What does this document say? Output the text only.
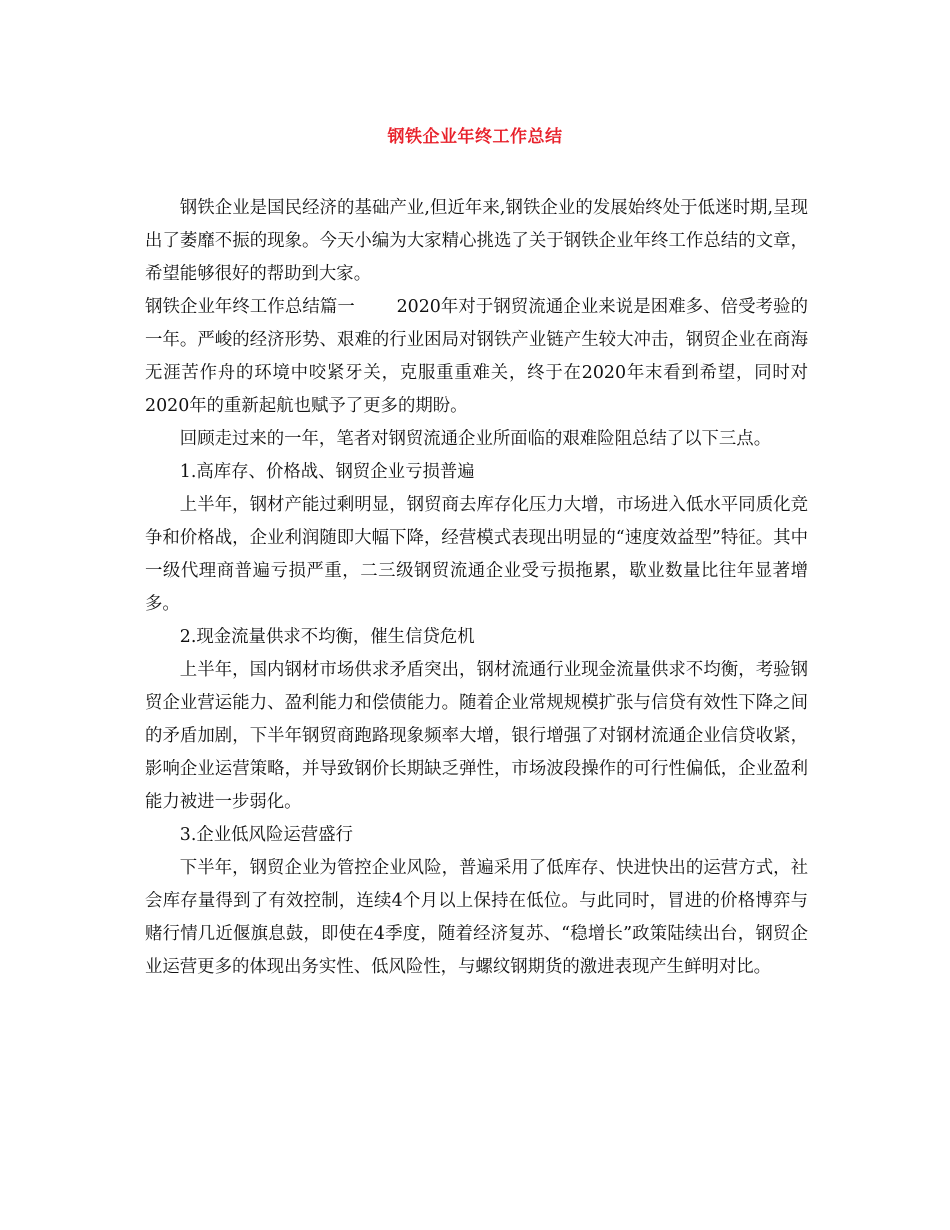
钢铁企业年终工作总结

钢铁企业是国民经济的基础产业,但近年来,钢铁企业的发展始终处于低迷时期,呈现出了萎靡不振的现象。今天小编为大家精心挑选了关于钢铁企业年终工作总结的文章，希望能够很好的帮助到大家。

钢铁企业年终工作总结篇一 2020年对于钢贸流通企业来说是困难多、倍受考验的一年。严峻的经济形势、艰难的行业困局对钢铁产业链产生较大冲击，钢贸企业在商海无涯苦作舟的环境中咬紧牙关，克服重重难关，终于在2020年末看到希望，同时对2020年的重新起航也赋予了更多的期盼。

回顾走过来的一年，笔者对钢贸流通企业所面临的艰难险阻总结了以下三点。

1.高库存、价格战、钢贸企业亏损普遍

上半年，钢材产能过剩明显，钢贸商去库存化压力大增，市场进入低水平同质化竞争和价格战，企业利润随即大幅下降，经营模式表现出明显的“速度效益型”特征。其中一级代理商普遍亏损严重，二三级钢贸流通企业受亏损拖累，歇业数量比往年显著增多。

2.现金流量供求不均衡，催生信贷危机

上半年，国内钢材市场供求矛盾突出，钢材流通行业现金流量供求不均衡，考验钢贸企业营运能力、盈利能力和偿债能力。随着企业常规规模扩张与信贷有效性下降之间的矛盾加剧，下半年钢贸商跑路现象频率大增，银行增强了对钢材流通企业信贷收紧，影响企业运营策略，并导致钢价长期缺乏弹性，市场波段操作的可行性偏低，企业盈利能力被进一步弱化。

3.企业低风险运营盛行

下半年，钢贸企业为管控企业风险，普遍采用了低库存、快进快出的运营方式，社会库存量得到了有效控制，连续4个月以上保持在低位。与此同时，冒进的价格博弈与赌行情几近偃旗息鼓，即使在4季度，随着经济复苏、“稳增长”政策陆续出台，钢贸企业运营更多的体现出务实性、低风险性，与螺纹钢期货的激进表现产生鲜明对比。
